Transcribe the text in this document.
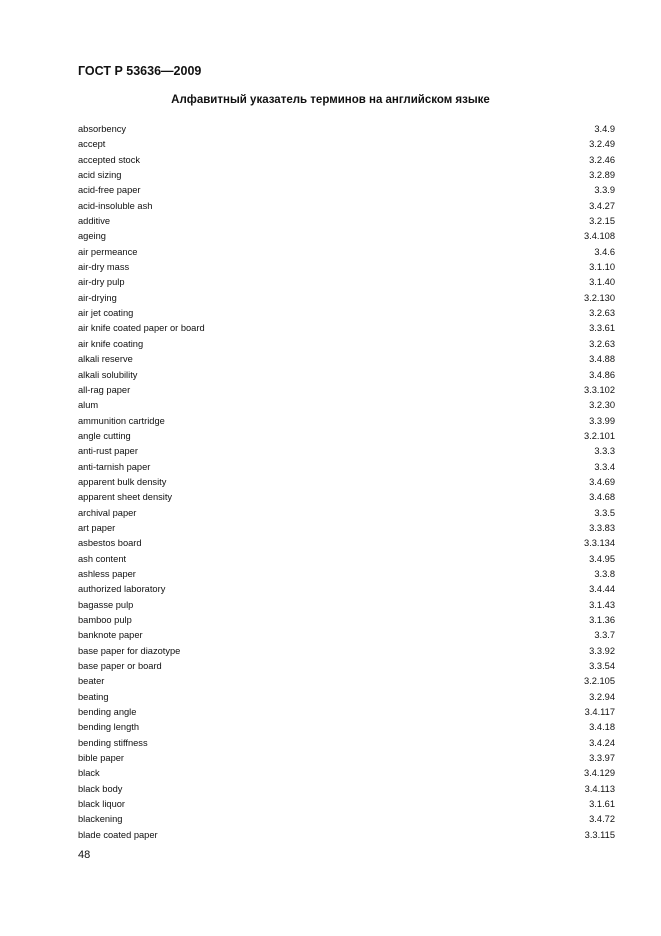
ГОСТ Р 53636—2009
Алфавитный указатель терминов на английском языке
absorbency	3.4.9
accept	3.2.49
accepted stock	3.2.46
acid sizing	3.2.89
acid-free paper	3.3.9
acid-insoluble ash	3.4.27
additive	3.2.15
ageing	3.4.108
air permeance	3.4.6
air-dry mass	3.1.10
air-dry pulp	3.1.40
air-drying	3.2.130
air jet coating	3.2.63
air knife coated paper or board	3.3.61
air knife coating	3.2.63
alkali reserve	3.4.88
alkali solubility	3.4.86
all-rag paper	3.3.102
alum	3.2.30
ammunition cartridge	3.3.99
angle cutting	3.2.101
anti-rust paper	3.3.3
anti-tarnish paper	3.3.4
apparent bulk density	3.4.69
apparent sheet density	3.4.68
archival paper	3.3.5
art paper	3.3.83
asbestos board	3.3.134
ash content	3.4.95
ashless paper	3.3.8
authorized laboratory	3.4.44
bagasse pulp	3.1.43
bamboo pulp	3.1.36
banknote paper	3.3.7
base paper for diazotype	3.3.92
base paper or board	3.3.54
beater	3.2.105
beating	3.2.94
bending angle	3.4.117
bending length	3.4.18
bending stiffness	3.4.24
bible paper	3.3.97
black	3.4.129
black body	3.4.113
black liquor	3.1.61
blackening	3.4.72
blade coated paper	3.3.115
48
